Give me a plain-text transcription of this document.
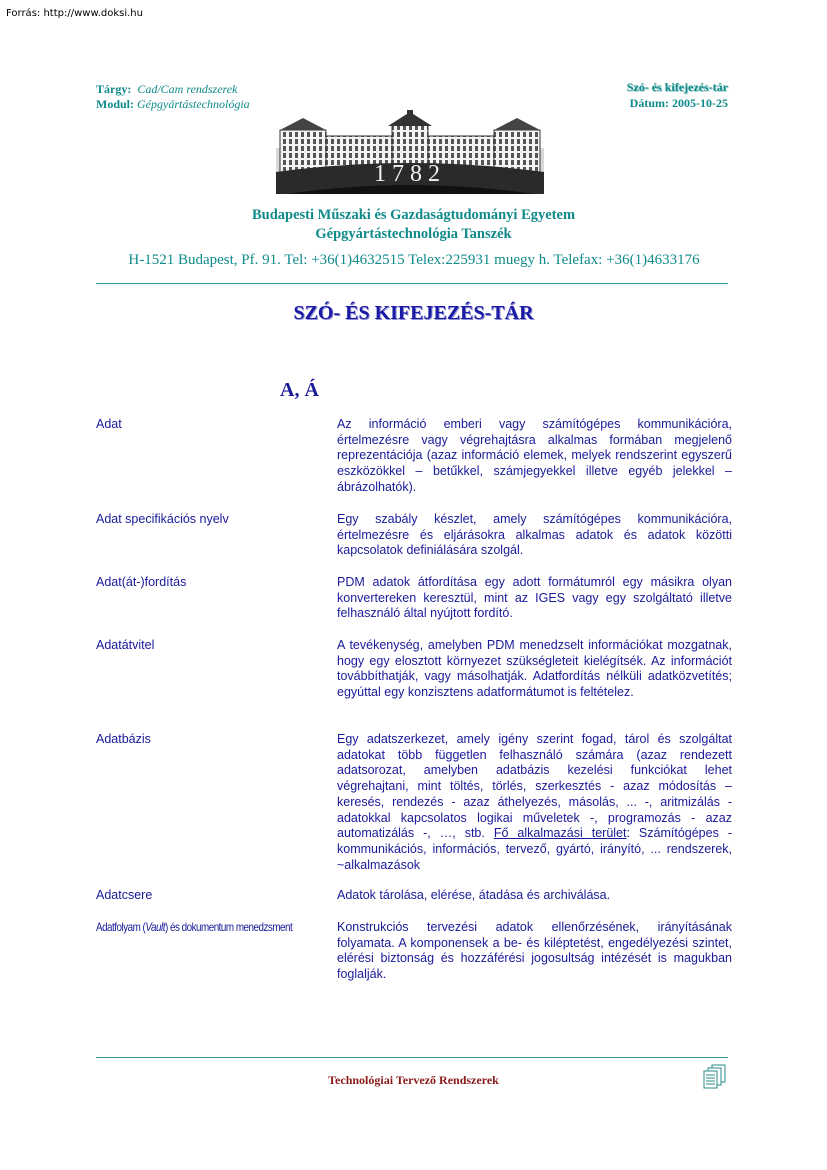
Forrás: http://www.doksi.hu
Tárgy: Cad/Cam rendszerek
Modul: Gépgyártástechnológia
Szó- és kifejezés-tár
Dátum: 2005-10-25
1782
Budapesti Műszaki és Gazdaságtudományi Egyetem
Gépgyártástechnológia Tanszék
H-1521 Budapest, Pf. 91. Tel: +36(1)4632515 Telex:225931 muegy h. Telefax: +36(1)4633176
SZÓ- ÉS KIFEJEZÉS-TÁR
A, Á
Adat	Az információ emberi vagy számítógépes kommunikációra, értelmezésre vagy végrehajtásra alkalmas formában megjelenő reprezentációja (azaz információ elemek, melyek rendszerint egyszerű eszközökkel – betűkkel, számjegyekkel illetve egyéb jelekkel – ábrázolhatók).
Adat specifikációs nyelv	Egy szabály készlet, amely számítógépes kommunikációra, értelmezésre és eljárásokra alkalmas adatok és adatok közötti kapcsolatok definiálására szolgál.
Adat(át-)fordítás	PDM adatok átfordítása egy adott formátumról egy másikra olyan konvertereken keresztül, mint az IGES vagy egy szolgáltató illetve felhasználó által nyújtott fordító.
Adatátvitel	A tevékenység, amelyben PDM menedzselt információkat mozgatnak, hogy egy elosztott környezet szükségleteit kielégítsék. Az információt továbbíthatják, vagy másolhatják. Adatfordítás nélküli adatközvetítés; egyúttal egy konzisztens adatformátumot is feltételez.
Adatbázis	Egy adatszerkezet, amely igény szerint fogad, tárol és szolgáltat adatokat több független felhasználó számára (azaz rendezett adatsorozat, amelyben adatbázis kezelési funkciókat lehet végrehajtani, mint töltés, törlés, szerkesztés - azaz módosítás – keresés, rendezés - azaz áthelyezés, másolás, ... -, aritmizálás - adatokkal kapcsolatos logikai műveletek -, programozás - azaz automatizálás -, …, stb. Fő alkalmazási terület: Számítógépes - kommunikációs, információs, tervező, gyártó, irányító, ... rendszerek, ~alkalmazások
Adatcsere	Adatok tárolása, elérése, átadása és archiválása.
Adatfolyam (Vault) és dokumentum menedzsment	Konstrukciós tervezési adatok ellenőrzésének, irányításának folyamata. A komponensek a be- és kiléptetést, engedélyezési szintet, elérési biztonság és hozzáférési jogosultság intézését is magukban foglalják.
Technológiai Tervező Rendszerek
